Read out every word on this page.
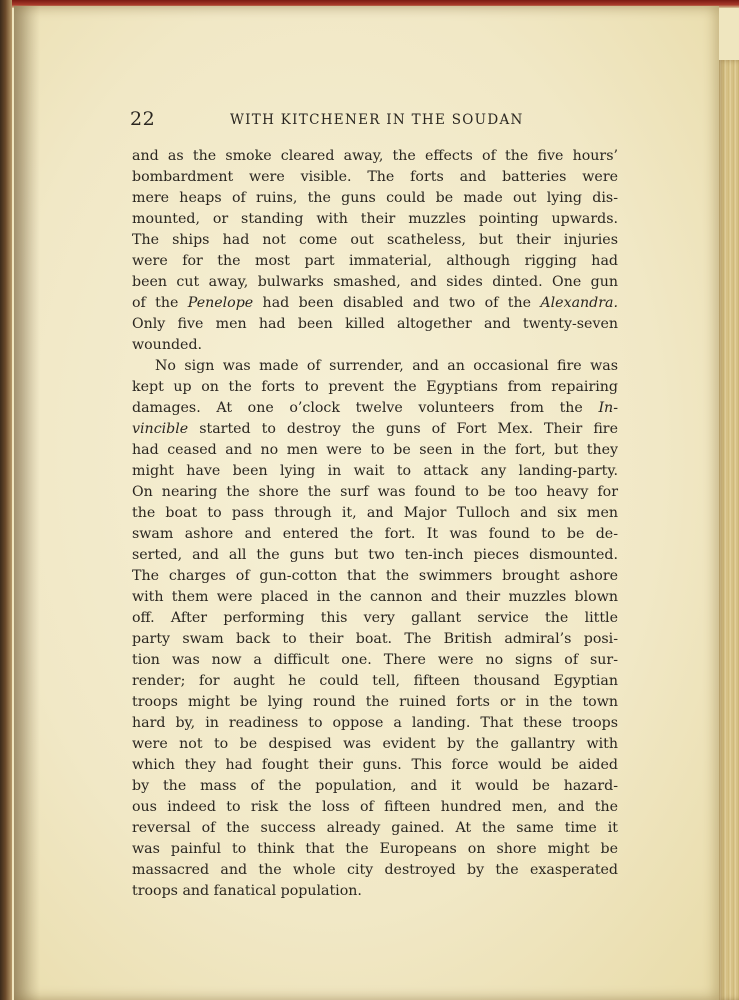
22	WITH KITCHENER IN THE SOUDAN
and as the smoke cleared away, the effects of the five hours’
bombardment were visible. The forts and batteries were
mere heaps of ruins, the guns could be made out lying dis-
mounted, or standing with their muzzles pointing upwards.
The ships had not come out scatheless, but their injuries
were for the most part immaterial, although rigging had
been cut away, bulwarks smashed, and sides dinted. One gun
of the Penelope had been disabled and two of the Alexandra.
Only five men had been killed altogether and twenty-seven
wounded.
No sign was made of surrender, and an occasional fire was
kept up on the forts to prevent the Egyptians from repairing
damages. At one o’clock twelve volunteers from the In-
vincible started to destroy the guns of Fort Mex. Their fire
had ceased and no men were to be seen in the fort, but they
might have been lying in wait to attack any landing-party.
On nearing the shore the surf was found to be too heavy for
the boat to pass through it, and Major Tulloch and six men
swam ashore and entered the fort. It was found to be de-
serted, and all the guns but two ten-inch pieces dismounted.
The charges of gun-cotton that the swimmers brought ashore
with them were placed in the cannon and their muzzles blown
off. After performing this very gallant service the little
party swam back to their boat. The British admiral’s posi-
tion was now a difficult one. There were no signs of sur-
render; for aught he could tell, fifteen thousand Egyptian
troops might be lying round the ruined forts or in the town
hard by, in readiness to oppose a landing. That these troops
were not to be despised was evident by the gallantry with
which they had fought their guns. This force would be aided
by the mass of the population, and it would be hazard-
ous indeed to risk the loss of fifteen hundred men, and the
reversal of the success already gained. At the same time it
was painful to think that the Europeans on shore might be
massacred and the whole city destroyed by the exasperated
troops and fanatical population.
